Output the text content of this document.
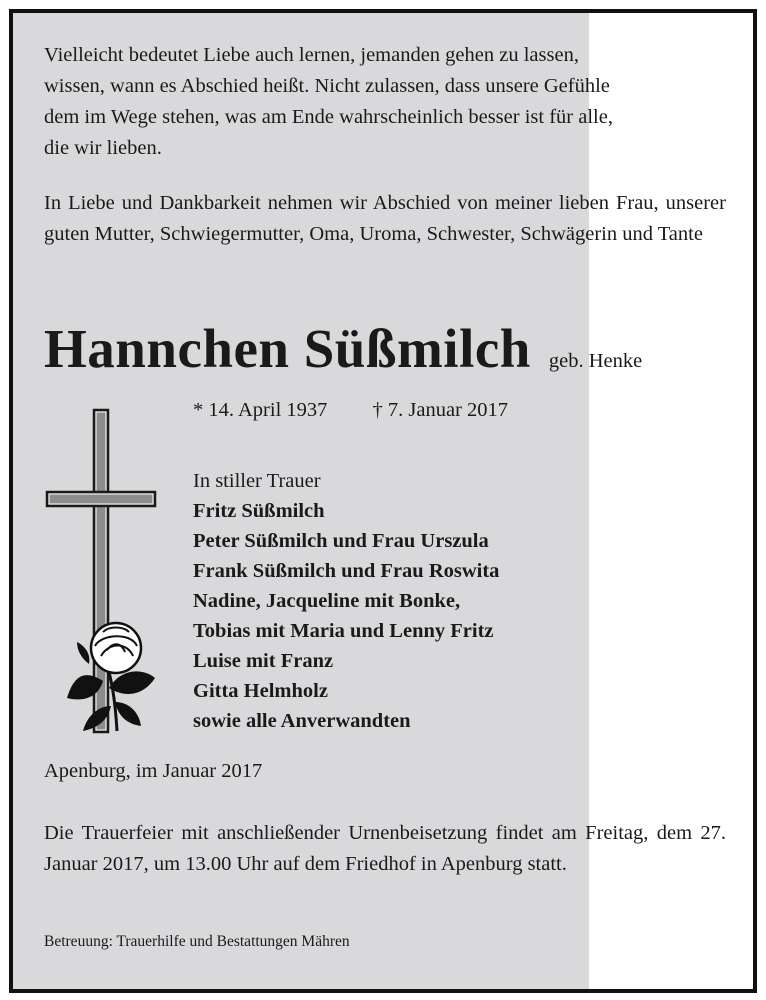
Vielleicht bedeutet Liebe auch lernen, jemanden gehen zu lassen,
wissen, wann es Abschied heißt. Nicht zulassen, dass unsere Gefühle
dem im Wege stehen, was am Ende wahrscheinlich besser ist für alle,
die wir lieben.

In Liebe und Dankbarkeit nehmen wir Abschied von meiner lieben Frau, unserer guten Mutter, Schwiegermutter, Oma, Uroma, Schwester, Schwägerin und Tante

Hannchen Süßmilch geb. Henke
* 14. April 1937 † 7. Januar 2017
In stiller Trauer
Fritz Süßmilch
Peter Süßmilch und Frau Urszula
Frank Süßmilch und Frau Roswita
Nadine, Jacqueline mit Bonke,
Tobias mit Maria und Lenny Fritz
Luise mit Franz
Gitta Helmholz
sowie alle Anverwandten
Apenburg, im Januar 2017

Die Trauerfeier mit anschließender Urnenbeisetzung findet am Freitag, dem 27. Januar 2017, um 13.00 Uhr auf dem Friedhof in Apenburg statt.

Betreuung: Trauerhilfe und Bestattungen Mähren
